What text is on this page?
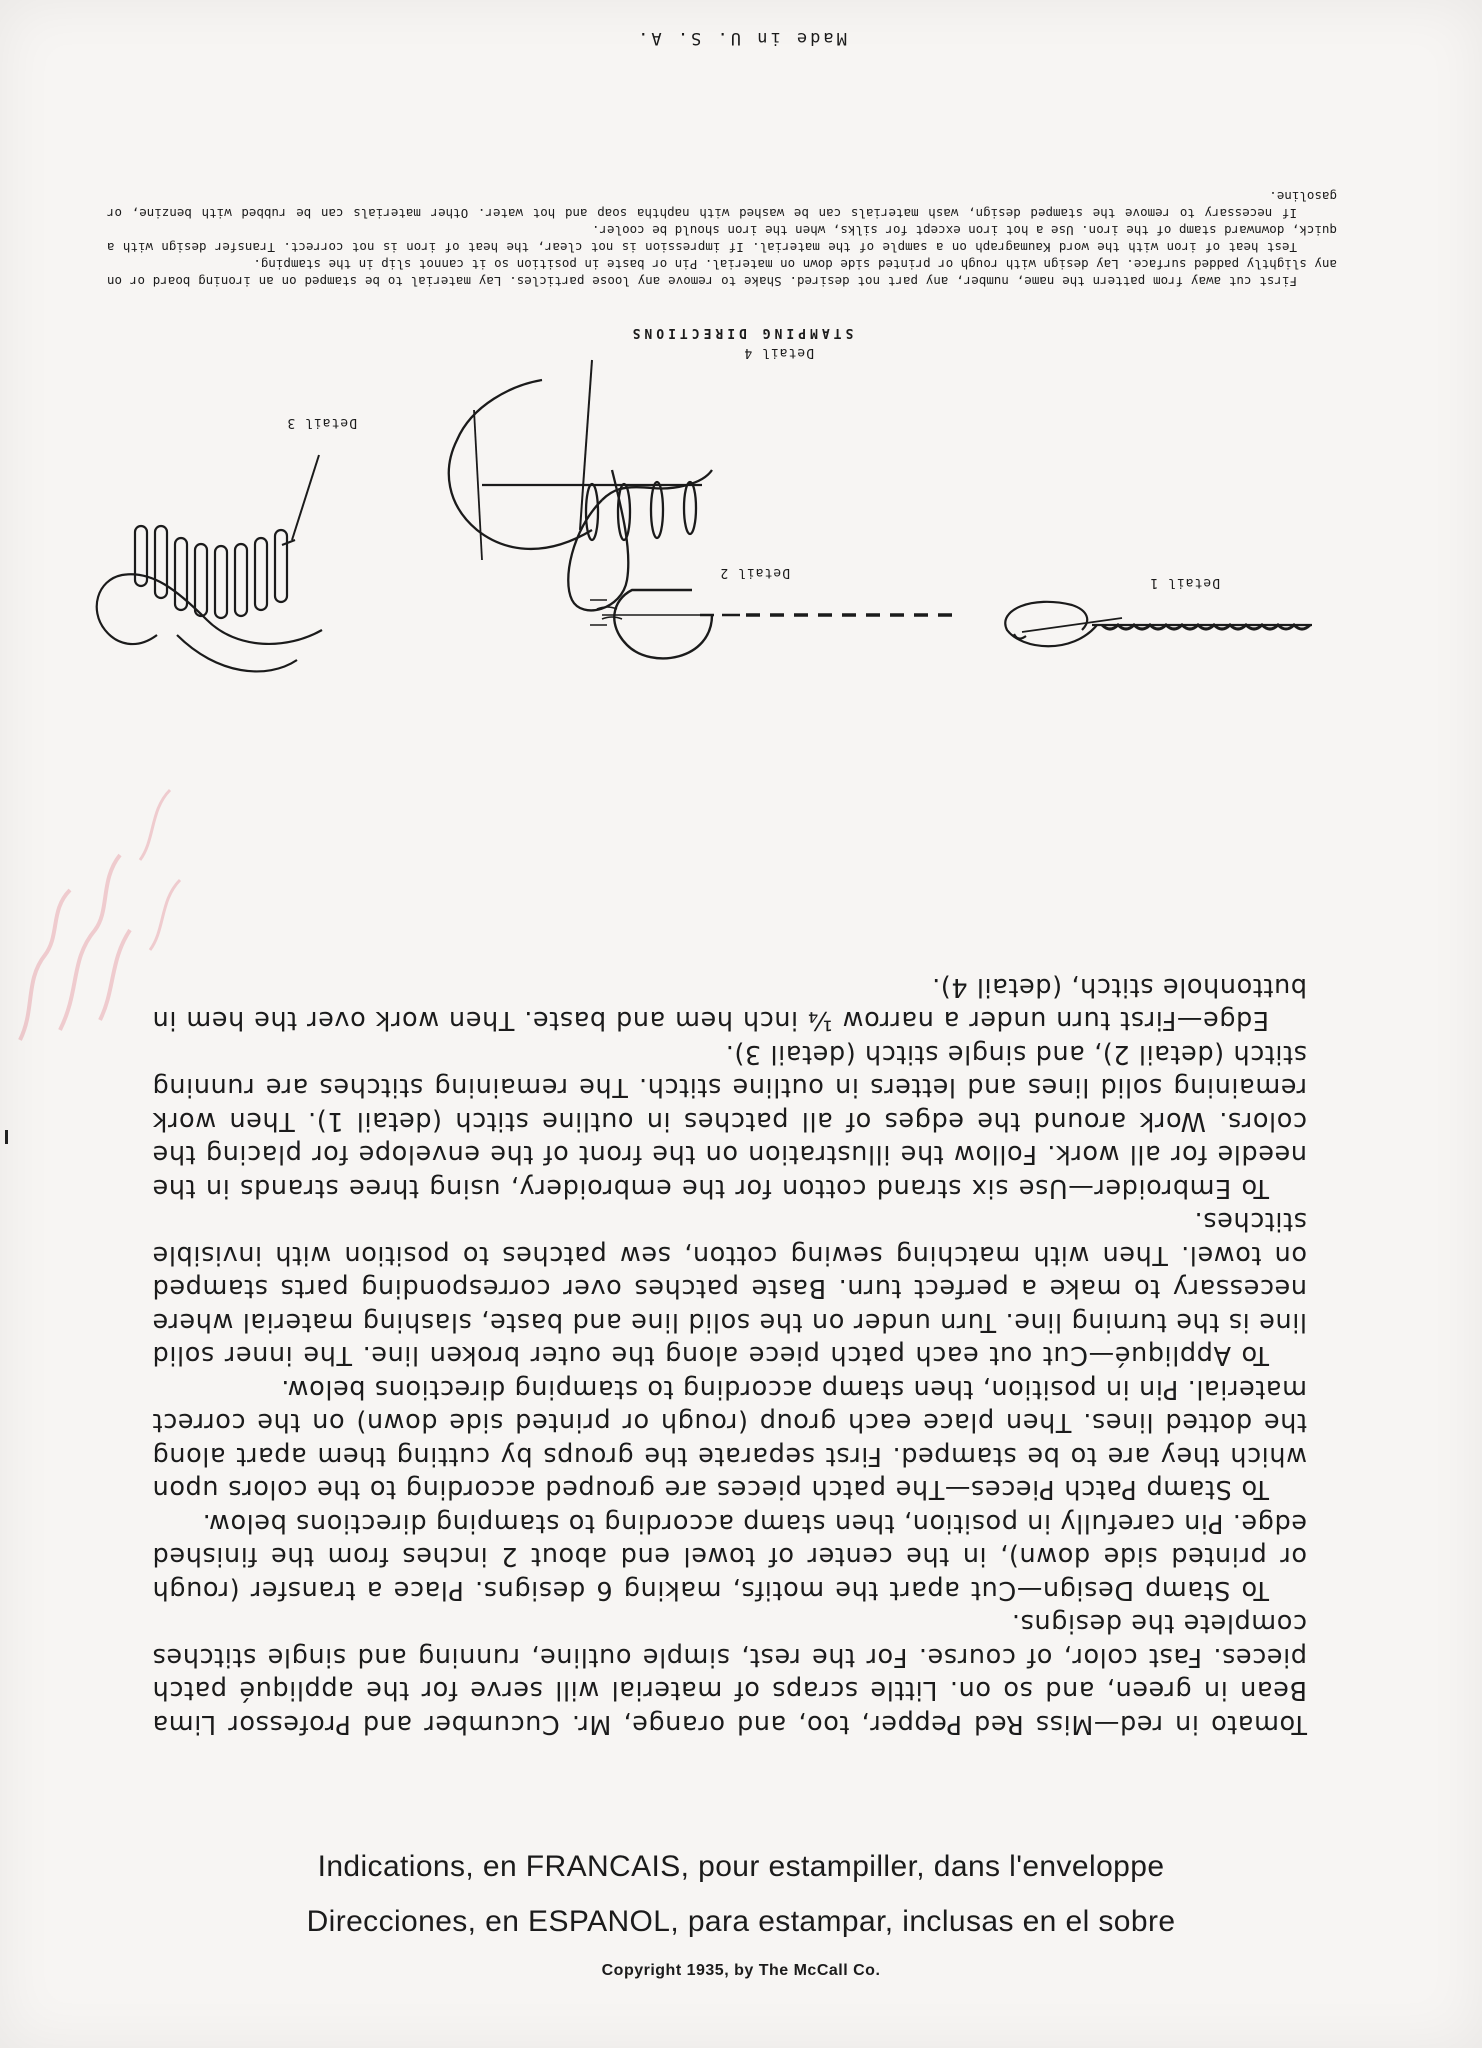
Tomato in red—Miss Red Pepper, too, and orange, Mr. Cucumber and Professor Lima Bean in green, and so on. Little scraps of material will serve for the appliqué patch pieces. Fast color, of course. For the rest, simple outline, running and single stitches complete the designs.

To Stamp Design—Cut apart the motifs, making 6 designs. Place a transfer (rough or printed side down), in the center of towel end about 2 inches from the finished edge. Pin carefully in position, then stamp according to stamping directions below.

To Stamp Patch Pieces—The patch pieces are grouped according to the colors upon which they are to be stamped. First separate the groups by cutting them apart along the dotted lines. Then place each group (rough or printed side down) on the correct material. Pin in position, then stamp according to stamping directions below.

To Appliqué—Cut out each patch piece along the outer broken line. The inner solid line is the turning line. Turn under on the solid line and baste, slashing material where necessary to make a perfect turn. Baste patches over corresponding parts stamped on towel. Then with matching sewing cotton, sew patches to position with invisible stitches.

To Embroider—Use six strand cotton for the embroidery, using three strands in the needle for all work. Follow the illustration on the front of the envelope for placing the colors. Work around the edges of all patches in outline stitch (detail 1). Then work remaining solid lines and letters in outline stitch. The remaining stitches are running stitch (detail 2), and single stitch (detail 3).

Edge—First turn under a narrow ¼ inch hem and baste. Then work over the hem in buttonhole stitch, (detail 4).

Detail 1
Detail 2
Detail 3
Detail 4
STAMPING DIRECTIONS

First cut away from pattern the name, number, any part not desired. Shake to remove any loose particles. Lay material to be stamped on an ironing board or on any slightly padded surface. Lay design with rough or printed side down on material. Pin or baste in position so it cannot slip in the stamping.

Test heat of iron with the word Kaumagraph on a sample of the material. If impression is not clear, the heat of iron is not correct. Transfer design with a quick, downward stamp of the iron. Use a hot iron except for silks, when the iron should be cooler.

If necessary to remove the stamped design, wash materials can be washed with naphtha soap and hot water. Other materials can be rubbed with benzine, or gasoline.

Made in U. S. A.
Indications, en FRANCAIS, pour estampiller, dans l'enveloppe
Direcciones, en ESPANOL, para estampar, inclusas en el sobre
Copyright 1935, by The McCall Co.
